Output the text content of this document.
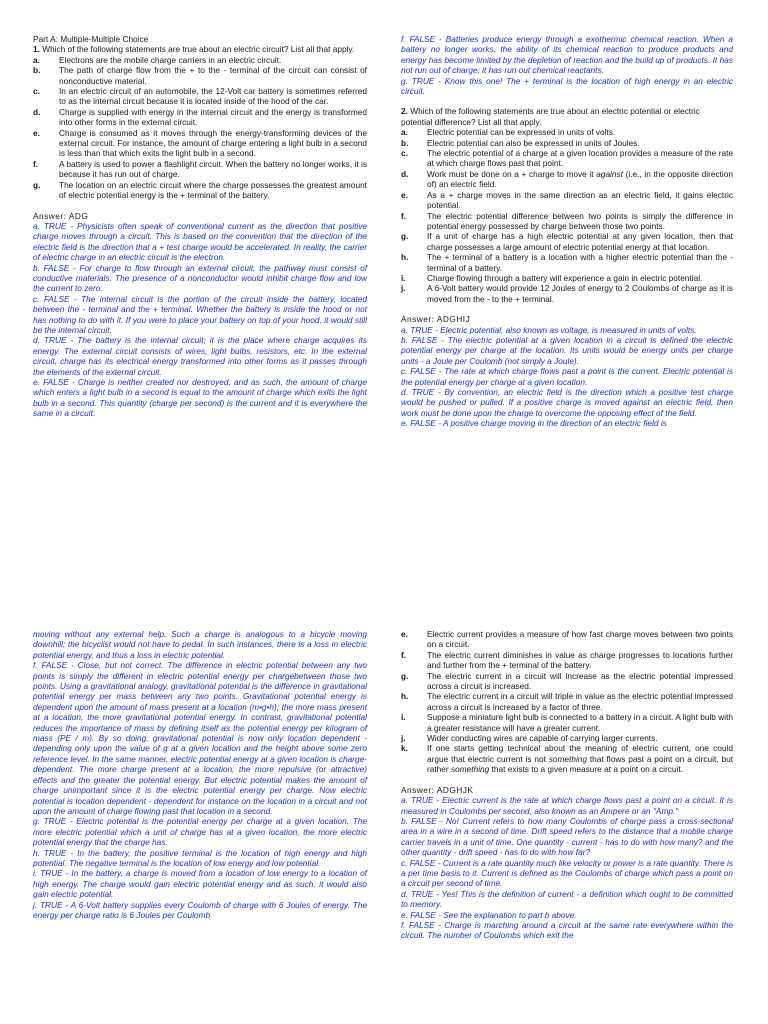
Part A: Multiple-Multiple Choice

1. Which of the following statements are true about an electric circuit? List all that apply.

a. Electrons are the mobile charge carriers in an electric circuit.
b. The path of charge flow from the + to the - terminal of the circuit can consist of nonconductive material.
c. In an electric circuit of an automobile, the 12-Volt car battery is sometimes referred to as the internal circuit because it is located inside of the hood of the car.
d. Charge is supplied with energy in the internal circuit and the energy is transformed into other forms in the external circuit.
e. Charge is consumed as it moves through the energy-transforming devices of the external circuit. For instance, the amount of charge entering a light bulb in a second is less than that which exits the light bulb in a second.
f.	A battery is used to power a flashlight circuit. When the battery no longer works, it is because it has run out of charge.
g. The location on an electric circuit where the charge possesses the greatest amount of electric potential energy is the + terminal of the battery.

Answer: ADG

a. TRUE - Physicists often speak of conventional current as the direction that positive charge moves through a circuit. This is based on the convention that the direction of the electric field is the direction that a + test charge would be accelerated. In reality, the carrier of electric charge in an electric circuit is the electron.

b. FALSE - For charge to flow through an external circuit, the pathway must consist of conductive materials. The presence of a nonconductor would inhibit charge flow and low the current to zero.

c. FALSE - The internal circuit is the portion of the circuit inside the battery, located between the - terminal and the + terminal. Whether the battery is inside the hood or not has nothing to do with it. If you were to place your battery on top of your hood, it would still be the internal circuit.

d. TRUE - The battery is the internal circuit; it is the place where charge acquires its energy. The external circuit consists of wires, light bulbs, resistors, etc. In the external circuit, charge has its electrical energy transformed into other forms as it passes through the elements of the external circuit.

e. FALSE - Charge is neither created nor destroyed, and as such, the amount of charge which enters a light bulb in a second is equal to the amount of charge which exits the light bulb in a second. This quantity (charge per second) is the current and it is everywhere the same in a circuit.

f. FALSE - Batteries produce energy through a exothermic chemical reaction. When a battery no longer works, the ability of its chemical reaction to produce products and energy has become limited by the depletion of reaction and the build up of products. It has not run out of charge; it has run out chemical reactants.

g. TRUE - Know this one! The + terminal is the location of high energy in an electric circuit.

2. Which of the following statements are true about an electric potential or electric potential difference? List all that apply.

a. Electric potential can be expressed in units of volts.
b. Electric potential can also be expressed in units of Joules.
c. The electric potential of a charge at a given location provides a measure of the rate at which charge flows past that point.
d. Work must be done on a + charge to move it against (i.e., in the opposite direction of) an electric field.
e. As a + charge moves in the same direction as an electric field, it gains electric potential.
f.	The electric potential difference between two points is simply the difference in potential energy possessed by charge between those two points.
g. If a unit of charge has a high electric potential at any given location, then that charge possesses a large amount of electric potential energy at that location.
h. The + terminal of a battery is a location with a higher electric potential than the - terminal of a battery.
i.	Charge flowing through a battery will experience a gain in electric potential.
j.	A 6-Volt battery would provide 12 Joules of energy to 2 Coulombs of charge as it is moved from the - to the + terminal.

Answer: ADGHIJ

a. TRUE - Electric potential, also known as voltage, is measured in units of volts.

b. FALSE - The electric potential at a given location in a circuit is defined the electric potential energy per charge at the location. Its units would be energy units per charge units - a Joule per Coulomb (not simply a Joule).

c. FALSE - The rate at which charge flows past a point is the current. Electric potential is the potential energy per charge at a given location.

d. TRUE - By convention, an electric field is the direction which a positive test charge would be pushed or pulled. If a positive charge is moved against an electric field, then work must be done upon the charge to overcome the opposing effect of the field.

e. FALSE - A positive charge moving in the direction of an electric field is

moving without any external help. Such a charge is analogous to a bicycle moving downhill; the bicyclist would not have to pedal. In such instances, there is a loss in electric potential energy, and thus a loss in electric potential.

f. FALSE - Close, but not correct. The difference in electric potential between any two points is simply the different in electric potential energy per chargebetween those two points. Using a gravitational analogy, gravitational potential is the difference in gravitational potential energy per mass between any two points. Gravitational potential energy is dependent upon the amount of mass present at a location (m•g•h); the more mass present at a location, the more gravitational potential energy. In contrast, gravitational potential reduces the importance of mass by defining itself as the potential energy per kilogram of mass (PE / m). By so doing, gravitational potential is now only location dependent - depending only upon the value of g at a given location and the height above some zero reference level. In the same manner, electric potential energy at a given location is charge-dependent. The more charge present at a location, the more repulsive (or attractive) effects and the greater the potential energy. But electric potential makes the amount of charge unimportant since it is the electric potential energy per charge. Now electric potential is location dependent - dependent for instance on the location in a circuit and not upon the amount of charge flowing past that location in a second.

g. TRUE - Electric potential is the potential energy per charge at a given location. The more electric potential which a unit of charge has at a given location, the more electric potential energy that the charge has.

h. TRUE - In the battery, the positive terminal is the location of high energy and high potential. The negative terminal is the location of low energy and low potential.

i. TRUE - In the battery, a charge is moved from a location of low energy to a location of high energy. The charge would gain electric potential energy and as such, it would also gain electric potential.

j. TRUE - A 6-Volt battery supplies every Coulomb of charge with 6 Joules of energy. The energy per charge ratio is 6 Joules per Coulomb

e. Electric current provides a measure of how fast charge moves between two points on a circuit.
f.	The electric current diminishes in value as charge progresses to locations further and further from the + terminal of the battery.
g. The electric current in a circuit will increase as the electric potential impressed across a circuit is increased.
h. The electric current in a circuit will triple in value as the electric potential impressed across a circuit is increased by a factor of three.
i.	Suppose a miniature light bulb is connected to a battery in a circuit. A light bulb with a greater resistance will have a greater current.
j.	Wider conducting wires are capable of carrying larger currents.
k. If one starts getting technical about the meaning of electric current, one could argue that electric current is not something that flows past a point on a circuit, but rather something that exists to a given measure at a point on a circuit.

Answer: ADGHJK

a. TRUE - Electric current is the rate at which charge flows past a point on a circuit. It is measured in Coulombs per second, also known as an Ampere or an "Amp."

b. FALSE - No! Current refers to how many Coulombs of charge pass a cross-sectional area in a wire in a second of time. Drift speed refers to the distance that a mobile charge carrier travels in a unit of time. One quantity - current - has to do with how many? and the other quantity - drift speed - has to do with how far?

c. FALSE - Current is a rate quantity much like velocity or power is a rate quantity. There is a per time basis to it. Current is defined as the Coulombs of charge which pass a point on a circuit per second of time.

d. TRUE - Yes! This is the definition of current - a definition which ought to be committed to memory.

e. FALSE - See the explanation to part b above.

f. FALSE - Charge is marching around a circuit at the same rate everywhere within the circuit. The number of Coulombs which exit the
